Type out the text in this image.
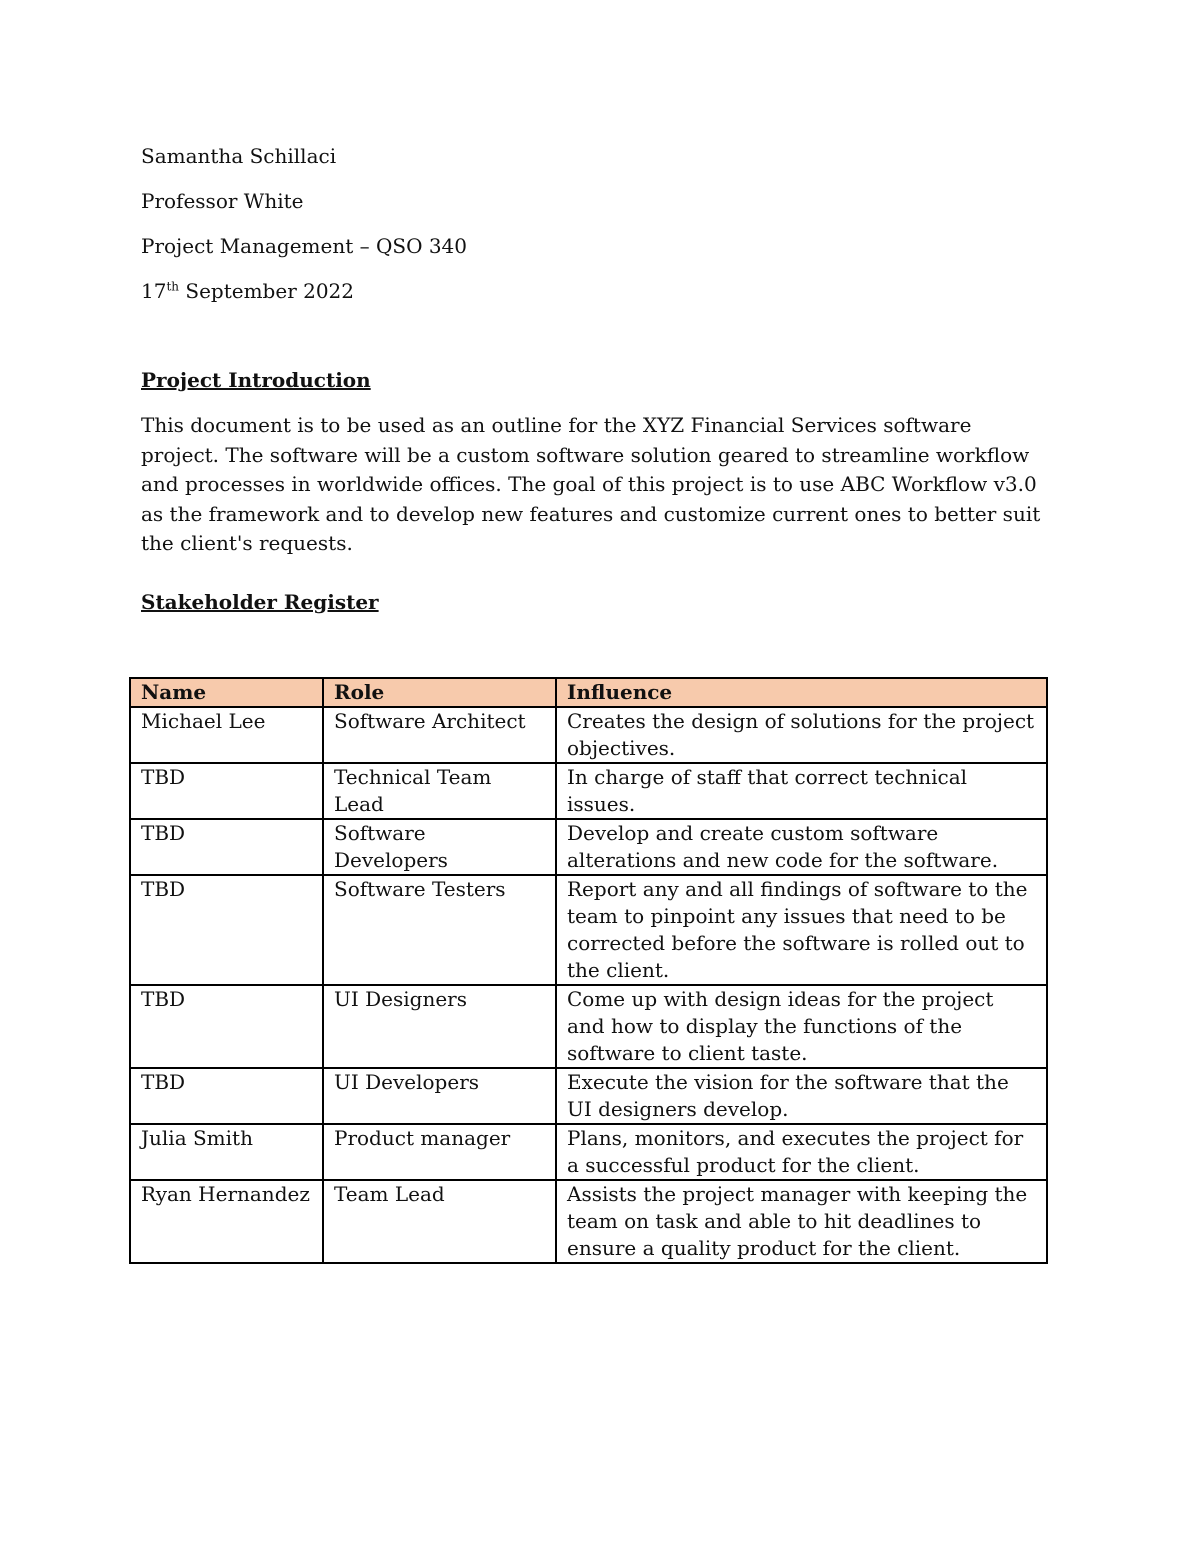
Samantha Schillaci
Professor White
Project Management – QSO 340
17th September 2022
Project Introduction

This document is to be used as an outline for the XYZ Financial Services software project. The software will be a custom software solution geared to streamline workflow and processes in worldwide offices. The goal of this project is to use ABC Workflow v3.0 as the framework and to develop new features and customize current ones to better suit the client's requests.

Stakeholder Register
Name	Role	Influence
Michael Lee	Software Architect	Creates the design of solutions for the project objectives.
TBD	Technical Team Lead	In charge of staff that correct technical issues.
TBD	Software Developers	Develop and create custom software alterations and new code for the software.
TBD	Software Testers	Report any and all findings of software to the team to pinpoint any issues that need to be corrected before the software is rolled out to the client.
TBD	UI Designers	Come up with design ideas for the project and how to display the functions of the software to client taste.
TBD	UI Developers	Execute the vision for the software that the UI designers develop.
Julia Smith	Product manager	Plans, monitors, and executes the project for a successful product for the client.
Ryan Hernandez	Team Lead	Assists the project manager with keeping the team on task and able to hit deadlines to ensure a quality product for the client.
